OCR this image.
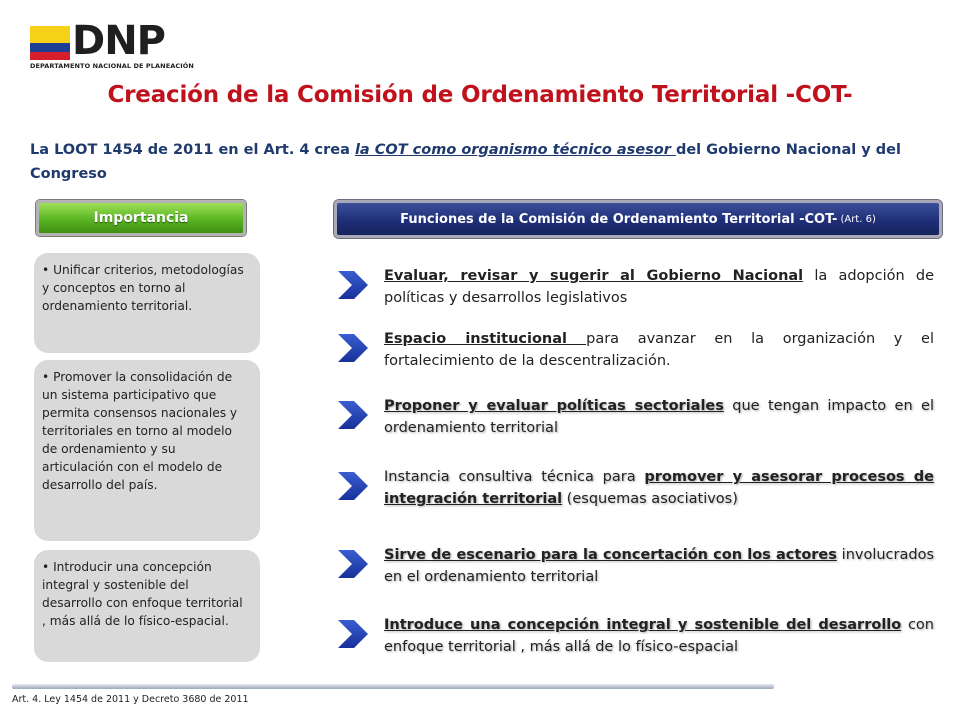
DNP
DEPARTAMENTO NACIONAL DE PLANEACIÓN
Creación de la Comisión de Ordenamiento Territorial -COT-

La LOOT 1454 de 2011 en el Art. 4 crea la COT como organismo técnico asesor del Gobierno Nacional y del Congreso

Importancia
• Unificar criterios, metodologías y conceptos en torno al ordenamiento territorial.
• Promover la consolidación de un sistema participativo que permita consensos nacionales y territoriales en torno al modelo de ordenamiento y su articulación con el modelo de desarrollo del país.
• Introducir una concepción integral y sostenible del desarrollo con enfoque territorial , más allá de lo físico-espacial.
Funciones de la Comisión de Ordenamiento Territorial -COT- (Art. 6)
Evaluar, revisar y sugerir al Gobierno Nacional la adopción de políticas y desarrollos legislativos
Espacio institucional para avanzar en la organización y el fortalecimiento de la descentralización.
Proponer y evaluar políticas sectoriales que tengan impacto en el ordenamiento territorial
Instancia consultiva técnica para promover y asesorar procesos de integración territorial (esquemas asociativos)
Sirve de escenario para la concertación con los actores involucrados en el ordenamiento territorial
Introduce una concepción integral y sostenible del desarrollo con enfoque territorial , más allá de lo físico-espacial
Art. 4. Ley 1454 de 2011 y Decreto 3680 de 2011
